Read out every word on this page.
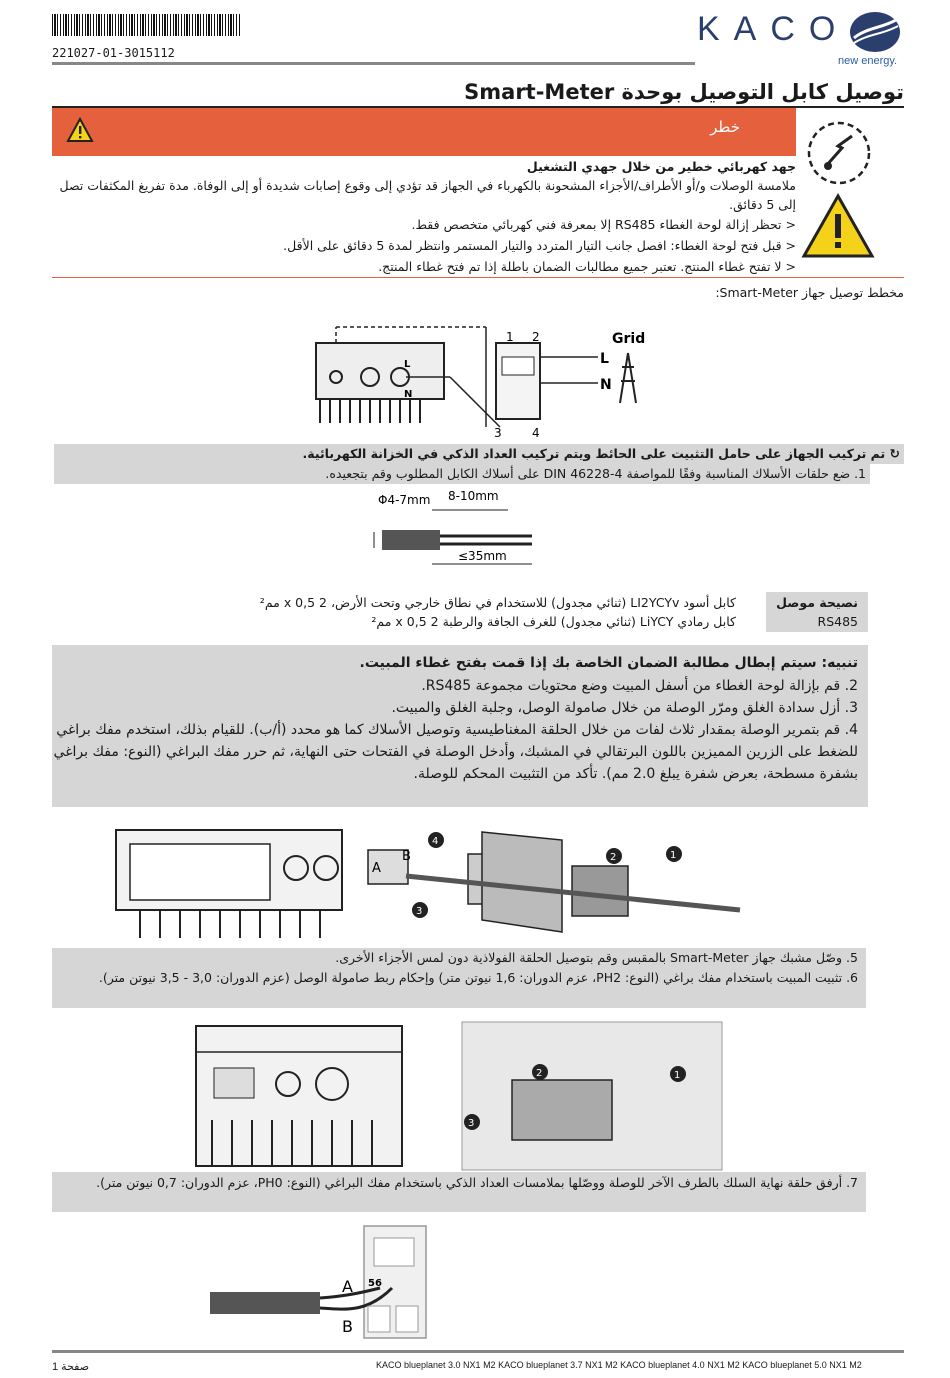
221027-01-3015112
KACO
new energy.
توصيل كابل التوصيل بوحدة Smart-Meter
خطر
جهد كهربائي خطير من خلال جهدي التشغيل
ملامسة الوصلات و/أو الأطراف/الأجزاء المشحونة بالكهرباء في الجهاز قد تؤدي إلى وقوع إصابات شديدة أو إلى الوفاة. مدة تفريغ المكثفات تصل إلى 5 دقائق.
< تحظر إزالة لوحة الغطاء RS485 إلا بمعرفة فني كهربائي متخصص فقط.
< قبل فتح لوحة الغطاء: افصل جانب التيار المتردد والتيار المستمر وانتظر لمدة 5 دقائق على الأقل.
< لا تفتح غطاء المنتج. تعتبر جميع مطالبات الضمان باطلة إذا تم فتح غطاء المنتج.
مخطط توصيل جهاز Smart-Meter:
1 2
3	4
L
N
Grid
L
N
↻ تم تركيب الجهاز على حامل التثبيت على الحائط ويتم تركيب العداد الذكي في الخزانة الكهربائية.
1. ضع حلقات الأسلاك المناسبة وفقًا للمواصفة DIN 46228-4 على أسلاك الكابل المطلوب وقم بتجعيده.
Φ4-7mm 8-10mm
≤35mm
نصيحة موصل
RS485
كابل أسود LI2YCYv (ثنائي مجدول) للاستخدام في نطاق خارجي وتحت الأرض، 2 x 0,5 مم²
كابل رمادي LiYCY (ثنائي مجدول) للغرف الجافة والرطبة 2 x 0,5 مم²
تنبيه: سيتم إبطال مطالبة الضمان الخاصة بك إذا قمت بفتح غطاء المبيت.
2. قم بإزالة لوحة الغطاء من أسفل المبيت وضع محتويات مجموعة RS485.
3. أزل سدادة الغلق ومرّر الوصلة من خلال صامولة الوصل، وجلبة الغلق والمبيت.
4. قم بتمرير الوصلة بمقدار ثلاث لفات من خلال الحلقة المغناطيسية وتوصيل الأسلاك كما هو محدد (أ/ب). للقيام بذلك، استخدم مفك براغي للضغط على الزرين المميزين باللون البرتقالي في المشبك، وأدخل الوصلة في الفتحات حتى النهاية، ثم حرر مفك البراغي (النوع: مفك براغي بشفرة مسطحة، بعرض شفرة يبلغ 2.0 مم). تأكد من التثبيت المحكم للوصلة.
A
B
4
3
2	1
5. وصّل مشبك جهاز Smart-Meter بالمقبس وقم بتوصيل الحلقة الفولاذية دون لمس الأجزاء الأخرى.
6. تثبيت المبيت باستخدام مفك براغي (النوع: PH2، عزم الدوران: 1,6 نيوتن متر) وإحكام ربط صامولة الوصل (عزم الدوران: 3,0 - 3,5 نيوتن متر).
2	1
3
7. أرفق حلقة نهاية السلك بالطرف الآخر للوصلة ووصّلها بملامسات العداد الذكي باستخدام مفك البراغي (النوع: PH0، عزم الدوران: 0,7 نيوتن متر).
A
B
56
صفحة 1	KACO blueplanet 3.0 NX1 M2 KACO blueplanet 3.7 NX1 M2 KACO blueplanet 4.0 NX1 M2 KACO blueplanet 5.0 NX1 M2
